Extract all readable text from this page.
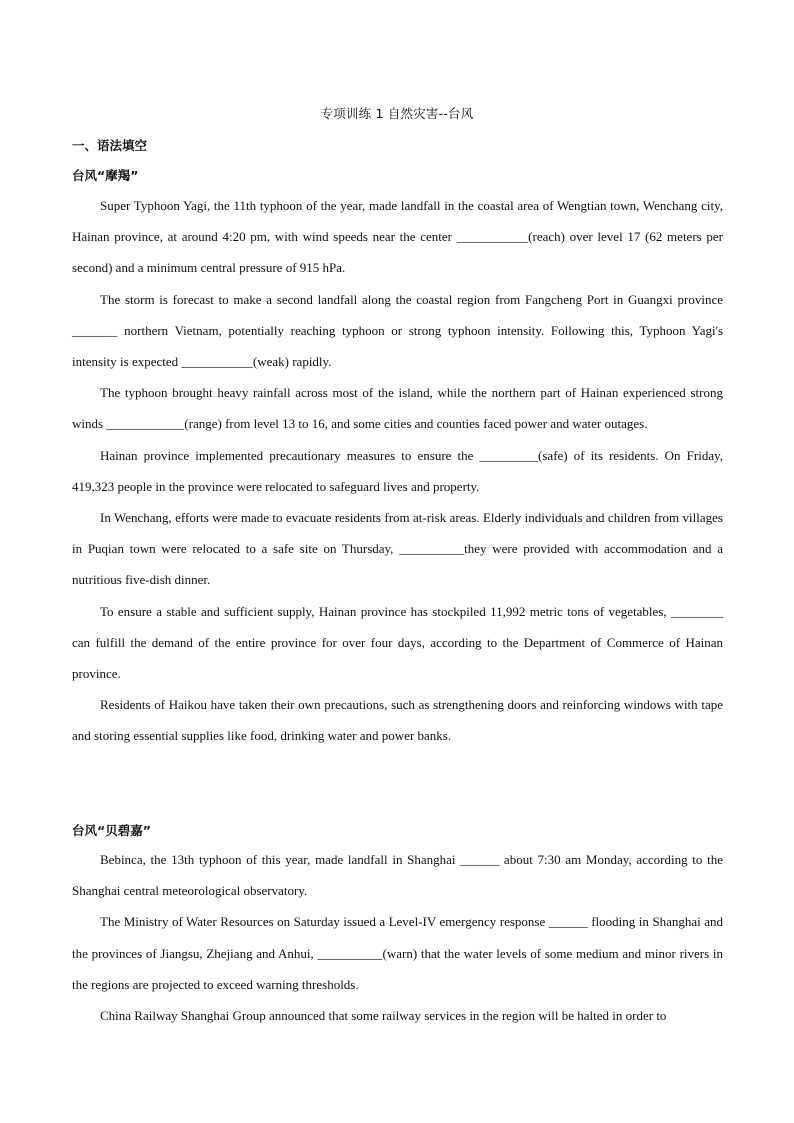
专项训练 1 自然灾害--台风
一、语法填空
台风“摩羯”

Super Typhoon Yagi, the 11th typhoon of the year, made landfall in the coastal area of Wengtian town, Wenchang city, Hainan province, at around 4:20 pm, with wind speeds near the center ___________(reach) over level 17 (62 meters per second) and a minimum central pressure of 915 hPa.

The storm is forecast to make a second landfall along the coastal region from Fangcheng Port in Guangxi province _______ northern Vietnam, potentially reaching typhoon or strong typhoon intensity. Following this, Typhoon Yagi's intensity is expected ___________(weak) rapidly.

The typhoon brought heavy rainfall across most of the island, while the northern part of Hainan experienced strong winds ____________(range) from level 13 to 16, and some cities and counties faced power and water outages.

Hainan province implemented precautionary measures to ensure the _________(safe) of its residents. On Friday, 419,323 people in the province were relocated to safeguard lives and property.

In Wenchang, efforts were made to evacuate residents from at-risk areas. Elderly individuals and children from villages in Puqian town were relocated to a safe site on Thursday, __________they were provided with accommodation and a nutritious five-dish dinner.

To ensure a stable and sufficient supply, Hainan province has stockpiled 11,992 metric tons of vegetables, ________ can fulfill the demand of the entire province for over four days, according to the Department of Commerce of Hainan province.

Residents of Haikou have taken their own precautions, such as strengthening doors and reinforcing windows with tape and storing essential supplies like food, drinking water and power banks.

台风“贝碧嘉”

Bebinca, the 13th typhoon of this year, made landfall in Shanghai ______ about 7:30 am Monday, according to the Shanghai central meteorological observatory.

The Ministry of Water Resources on Saturday issued a Level-IV emergency response ______ flooding in Shanghai and the provinces of Jiangsu, Zhejiang and Anhui, __________(warn) that the water levels of some medium and minor rivers in the regions are projected to exceed warning thresholds.

China Railway Shanghai Group announced that some railway services in the region will be halted in order to
